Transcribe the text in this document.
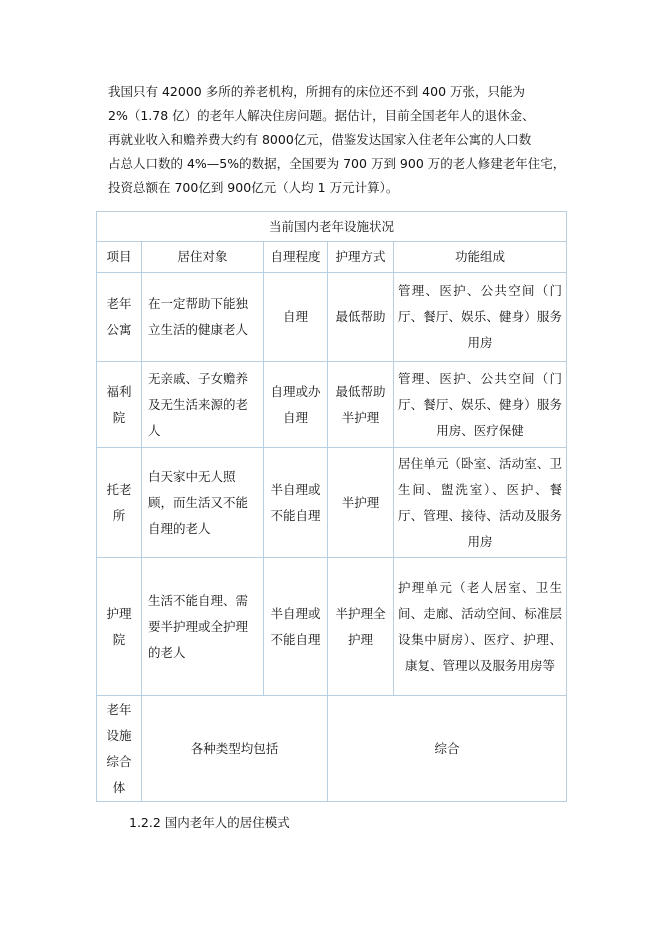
我国只有 42000 多所的养老机构，所拥有的床位还不到 400 万张，只能为
2%（1.78 亿）的老年人解决住房问题。据估计，目前全国老年人的退休金、
再就业收入和赡养费大约有 8000亿元，借鉴发达国家入住老年公寓的人口数
占总人口数的 4%—5%的数据，全国要为 700 万到 900 万的老人修建老年住宅，
投资总额在 700亿到 900亿元（人均 1 万元计算）。
当前国内老年设施状况				
项目	居住对象	自理程度	护理方式	功能组成
老年公寓	在一定帮助下能独立生活的健康老人	自理	最低帮助	管理、医护、公共空间（门厅、餐厅、娱乐、健身）服务用房
福利院	无亲戚、子女赡养及无生活来源的老人	自理或办自理	最低帮助半护理	管理、医护、公共空间（门厅、餐厅、娱乐、健身）服务用房、医疗保健
托老所	白天家中无人照顾，而生活又不能自理的老人	半自理或不能自理	半护理	居住单元（卧室、活动室、卫生间、盥洗室）、医护、餐厅、管理、接待、活动及服务用房
护理院	生活不能自理、需要半护理或全护理的老人	半自理或不能自理	半护理全护理	护理单元（老人居室、卫生间、走廊、活动空间、标准层设集中厨房）、医疗、护理、康复、管理以及服务用房等
老年设施综合体	各种类型均包括		综合	
1.2.2 国内老年人的居住模式
